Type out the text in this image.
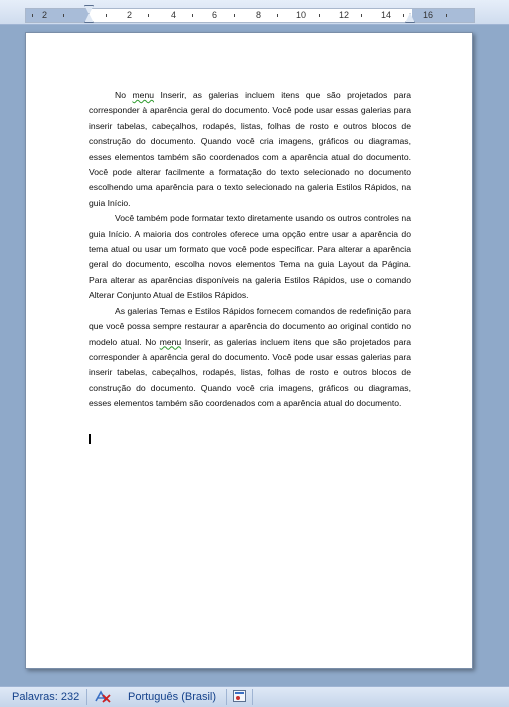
2	2	4	6	8	10	12	14	16

No menu Inserir, as galerias incluem itens que são projetados para corresponder à aparência geral do documento. Você pode usar essas galerias para inserir tabelas, cabeçalhos, rodapés, listas, folhas de rosto e outros blocos de construção do documento. Quando você cria imagens, gráficos ou diagramas, esses elementos também são coordenados com a aparência atual do documento. Você pode alterar facilmente a formatação do texto selecionado no documento escolhendo uma aparência para o texto selecionado na galeria Estilos Rápidos, na guia Início.

Você também pode formatar texto diretamente usando os outros controles na guia Início. A maioria dos controles oferece uma opção entre usar a aparência do tema atual ou usar um formato que você pode especificar. Para alterar a aparência geral do documento, escolha novos elementos Tema na guia Layout da Página. Para alterar as aparências disponíveis na galeria Estilos Rápidos, use o comando Alterar Conjunto Atual de Estilos Rápidos.

As galerias Temas e Estilos Rápidos fornecem comandos de redefinição para que você possa sempre restaurar a aparência do documento ao original contido no modelo atual. No menu Inserir, as galerias incluem itens que são projetados para corresponder à aparência geral do documento. Você pode usar essas galerias para inserir tabelas, cabeçalhos, rodapés, listas, folhas de rosto e outros blocos de construção do documento. Quando você cria imagens, gráficos ou diagramas, esses elementos também são coordenados com a aparência atual do documento.

Palavras: 232	Português (Brasil)
